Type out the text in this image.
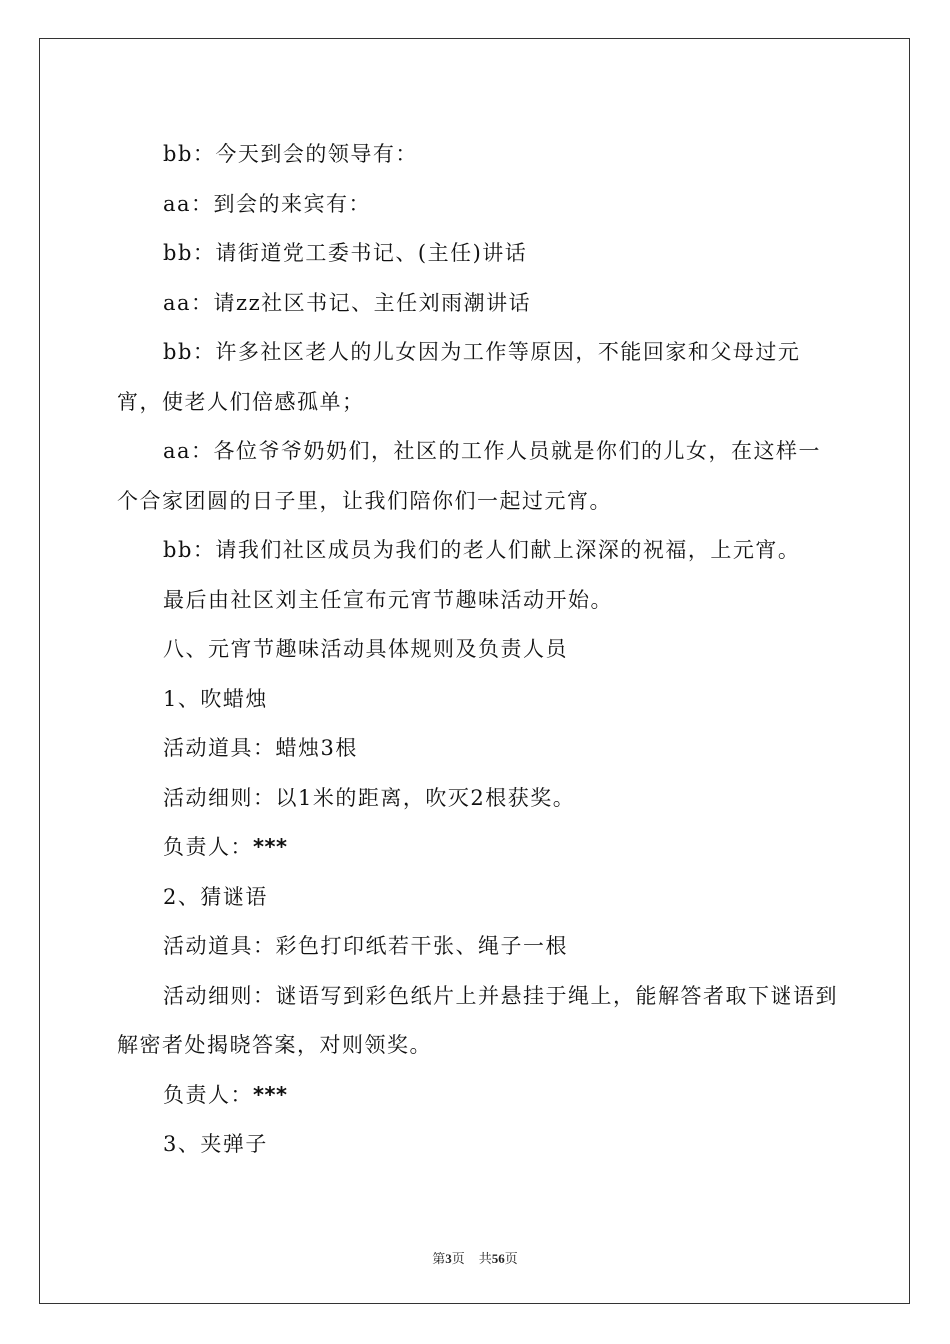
bb：今天到会的领导有：

aa：到会的来宾有：

bb：请街道党工委书记、(主任)讲话

aa：请zz社区书记、主任刘雨潮讲话

bb：许多社区老人的儿女因为工作等原因，不能回家和父母过元宵，使老人们倍感孤单；

aa：各位爷爷奶奶们，社区的工作人员就是你们的儿女，在这样一个合家团圆的日子里，让我们陪你们一起过元宵。

bb：请我们社区成员为我们的老人们献上深深的祝福，上元宵。

最后由社区刘主任宣布元宵节趣味活动开始。

八、元宵节趣味活动具体规则及负责人员

1、吹蜡烛

活动道具：蜡烛3根

活动细则：以1米的距离，吹灭2根获奖。

负责人：***

2、猜谜语

活动道具：彩色打印纸若干张、绳子一根

活动细则：谜语写到彩色纸片上并悬挂于绳上，能解答者取下谜语到解密者处揭晓答案，对则领奖。

负责人：***

3、夹弹子

第3页 共56页
